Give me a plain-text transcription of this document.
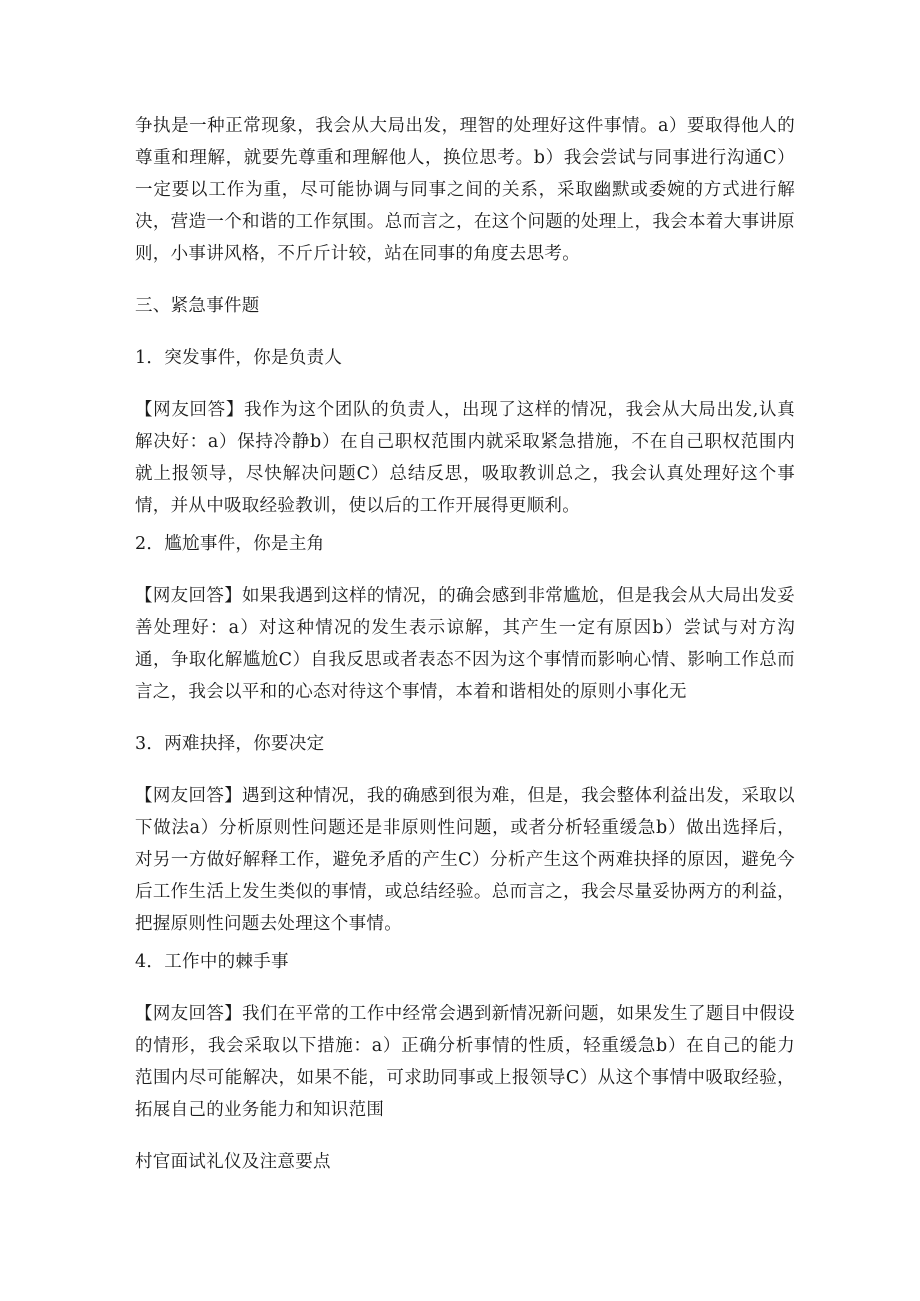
争执是一种正常现象，我会从大局出发，理智的处理好这件事情。a）要取得他人的尊重和理解，就要先尊重和理解他人，换位思考。b）我会尝试与同事进行沟通C）一定要以工作为重，尽可能协调与同事之间的关系，采取幽默或委婉的方式进行解决，营造一个和谐的工作氛围。总而言之，在这个问题的处理上，我会本着大事讲原则，小事讲风格，不斤斤计较，站在同事的角度去思考。

三、紧急事件题

1．突发事件，你是负责人

【网友回答】我作为这个团队的负责人，出现了这样的情况，我会从大局出发,认真解决好：a）保持冷静b）在自己职权范围内就采取紧急措施，不在自己职权范围内就上报领导，尽快解决问题C）总结反思，吸取教训总之，我会认真处理好这个事情，并从中吸取经验教训，使以后的工作开展得更顺利。

2．尴尬事件，你是主角

【网友回答】如果我遇到这样的情况，的确会感到非常尴尬，但是我会从大局出发妥善处理好：a）对这种情况的发生表示谅解，其产生一定有原因b）尝试与对方沟通，争取化解尴尬C）自我反思或者表态不因为这个事情而影响心情、影响工作总而言之，我会以平和的心态对待这个事情，本着和谐相处的原则小事化无

3．两难抉择，你要决定

【网友回答】遇到这种情况，我的确感到很为难，但是，我会整体利益出发，采取以下做法a）分析原则性问题还是非原则性问题，或者分析轻重缓急b）做出选择后，对另一方做好解释工作，避免矛盾的产生C）分析产生这个两难抉择的原因，避免今后工作生活上发生类似的事情，或总结经验。总而言之，我会尽量妥协两方的利益，把握原则性问题去处理这个事情。

4．工作中的棘手事

【网友回答】我们在平常的工作中经常会遇到新情况新问题，如果发生了题目中假设的情形，我会采取以下措施：a）正确分析事情的性质，轻重缓急b）在自己的能力范围内尽可能解决，如果不能，可求助同事或上报领导C）从这个事情中吸取经验，拓展自己的业务能力和知识范围

村官面试礼仪及注意要点
